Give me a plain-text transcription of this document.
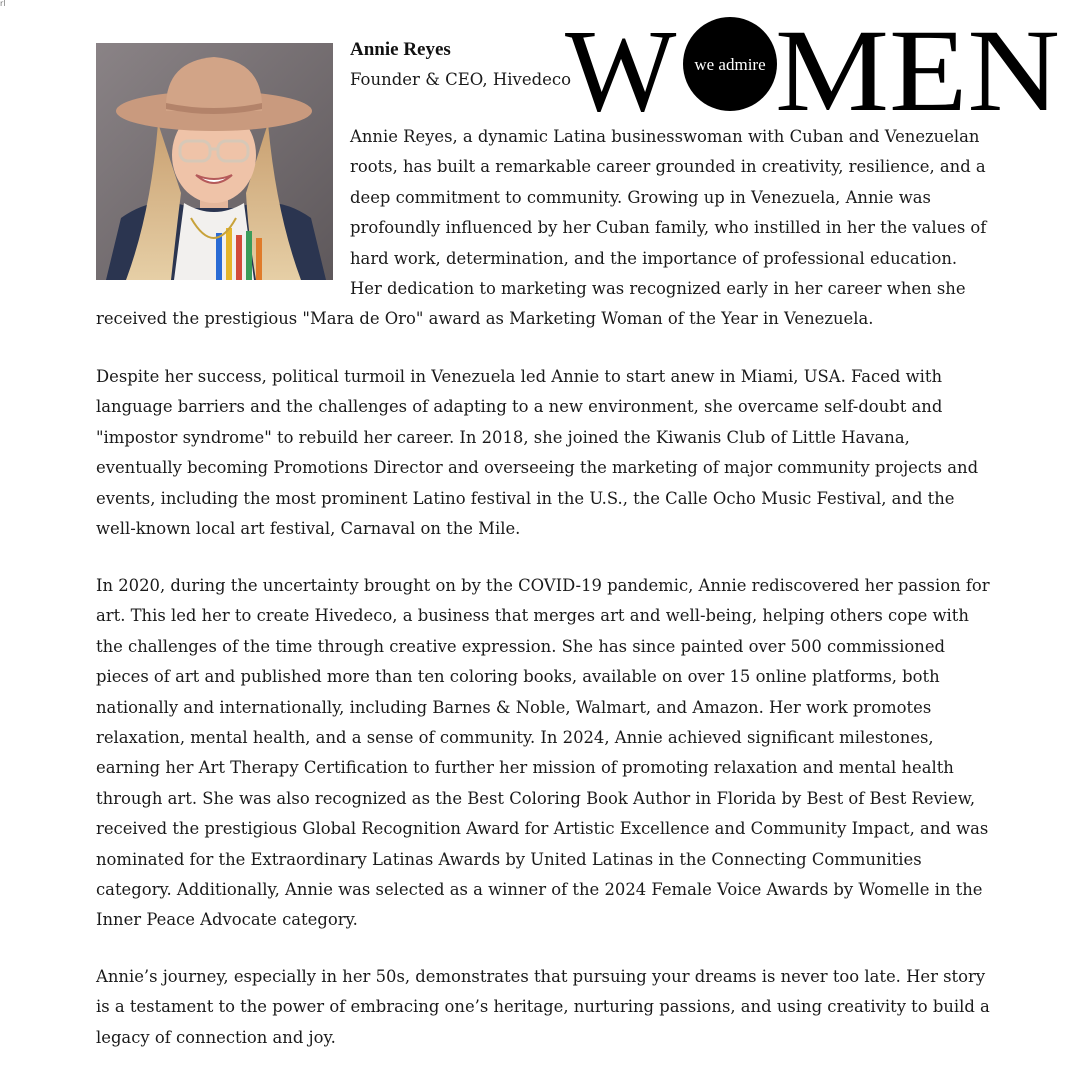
rl
W we admire MEN
Annie Reyes
Founder & CEO, Hivedeco

Annie Reyes, a dynamic Latina businesswoman with Cuban and Venezuelan
roots, has built a remarkable career grounded in creativity, resilience, and a
deep commitment to community. Growing up in Venezuela, Annie was
profoundly influenced by her Cuban family, who instilled in her the values of
hard work, determination, and the importance of professional education.
Her dedication to marketing was recognized early in her career when she
received the prestigious "Mara de Oro" award as Marketing Woman of the Year in Venezuela.

Despite her success, political turmoil in Venezuela led Annie to start anew in Miami, USA. Faced with
language barriers and the challenges of adapting to a new environment, she overcame self-doubt and
"impostor syndrome" to rebuild her career. In 2018, she joined the Kiwanis Club of Little Havana,
eventually becoming Promotions Director and overseeing the marketing of major community projects and
events, including the most prominent Latino festival in the U.S., the Calle Ocho Music Festival, and the
well-known local art festival, Carnaval on the Mile.

In 2020, during the uncertainty brought on by the COVID-19 pandemic, Annie rediscovered her passion for
art. This led her to create Hivedeco, a business that merges art and well-being, helping others cope with
the challenges of the time through creative expression. She has since painted over 500 commissioned
pieces of art and published more than ten coloring books, available on over 15 online platforms, both
nationally and internationally, including Barnes & Noble, Walmart, and Amazon. Her work promotes
relaxation, mental health, and a sense of community. In 2024, Annie achieved significant milestones,
earning her Art Therapy Certification to further her mission of promoting relaxation and mental health
through art. She was also recognized as the Best Coloring Book Author in Florida by Best of Best Review,
received the prestigious Global Recognition Award for Artistic Excellence and Community Impact, and was
nominated for the Extraordinary Latinas Awards by United Latinas in the Connecting Communities
category. Additionally, Annie was selected as a winner of the 2024 Female Voice Awards by Womelle in the
Inner Peace Advocate category.

Annie’s journey, especially in her 50s, demonstrates that pursuing your dreams is never too late. Her story
is a testament to the power of embracing one’s heritage, nurturing passions, and using creativity to build a
legacy of connection and joy.
